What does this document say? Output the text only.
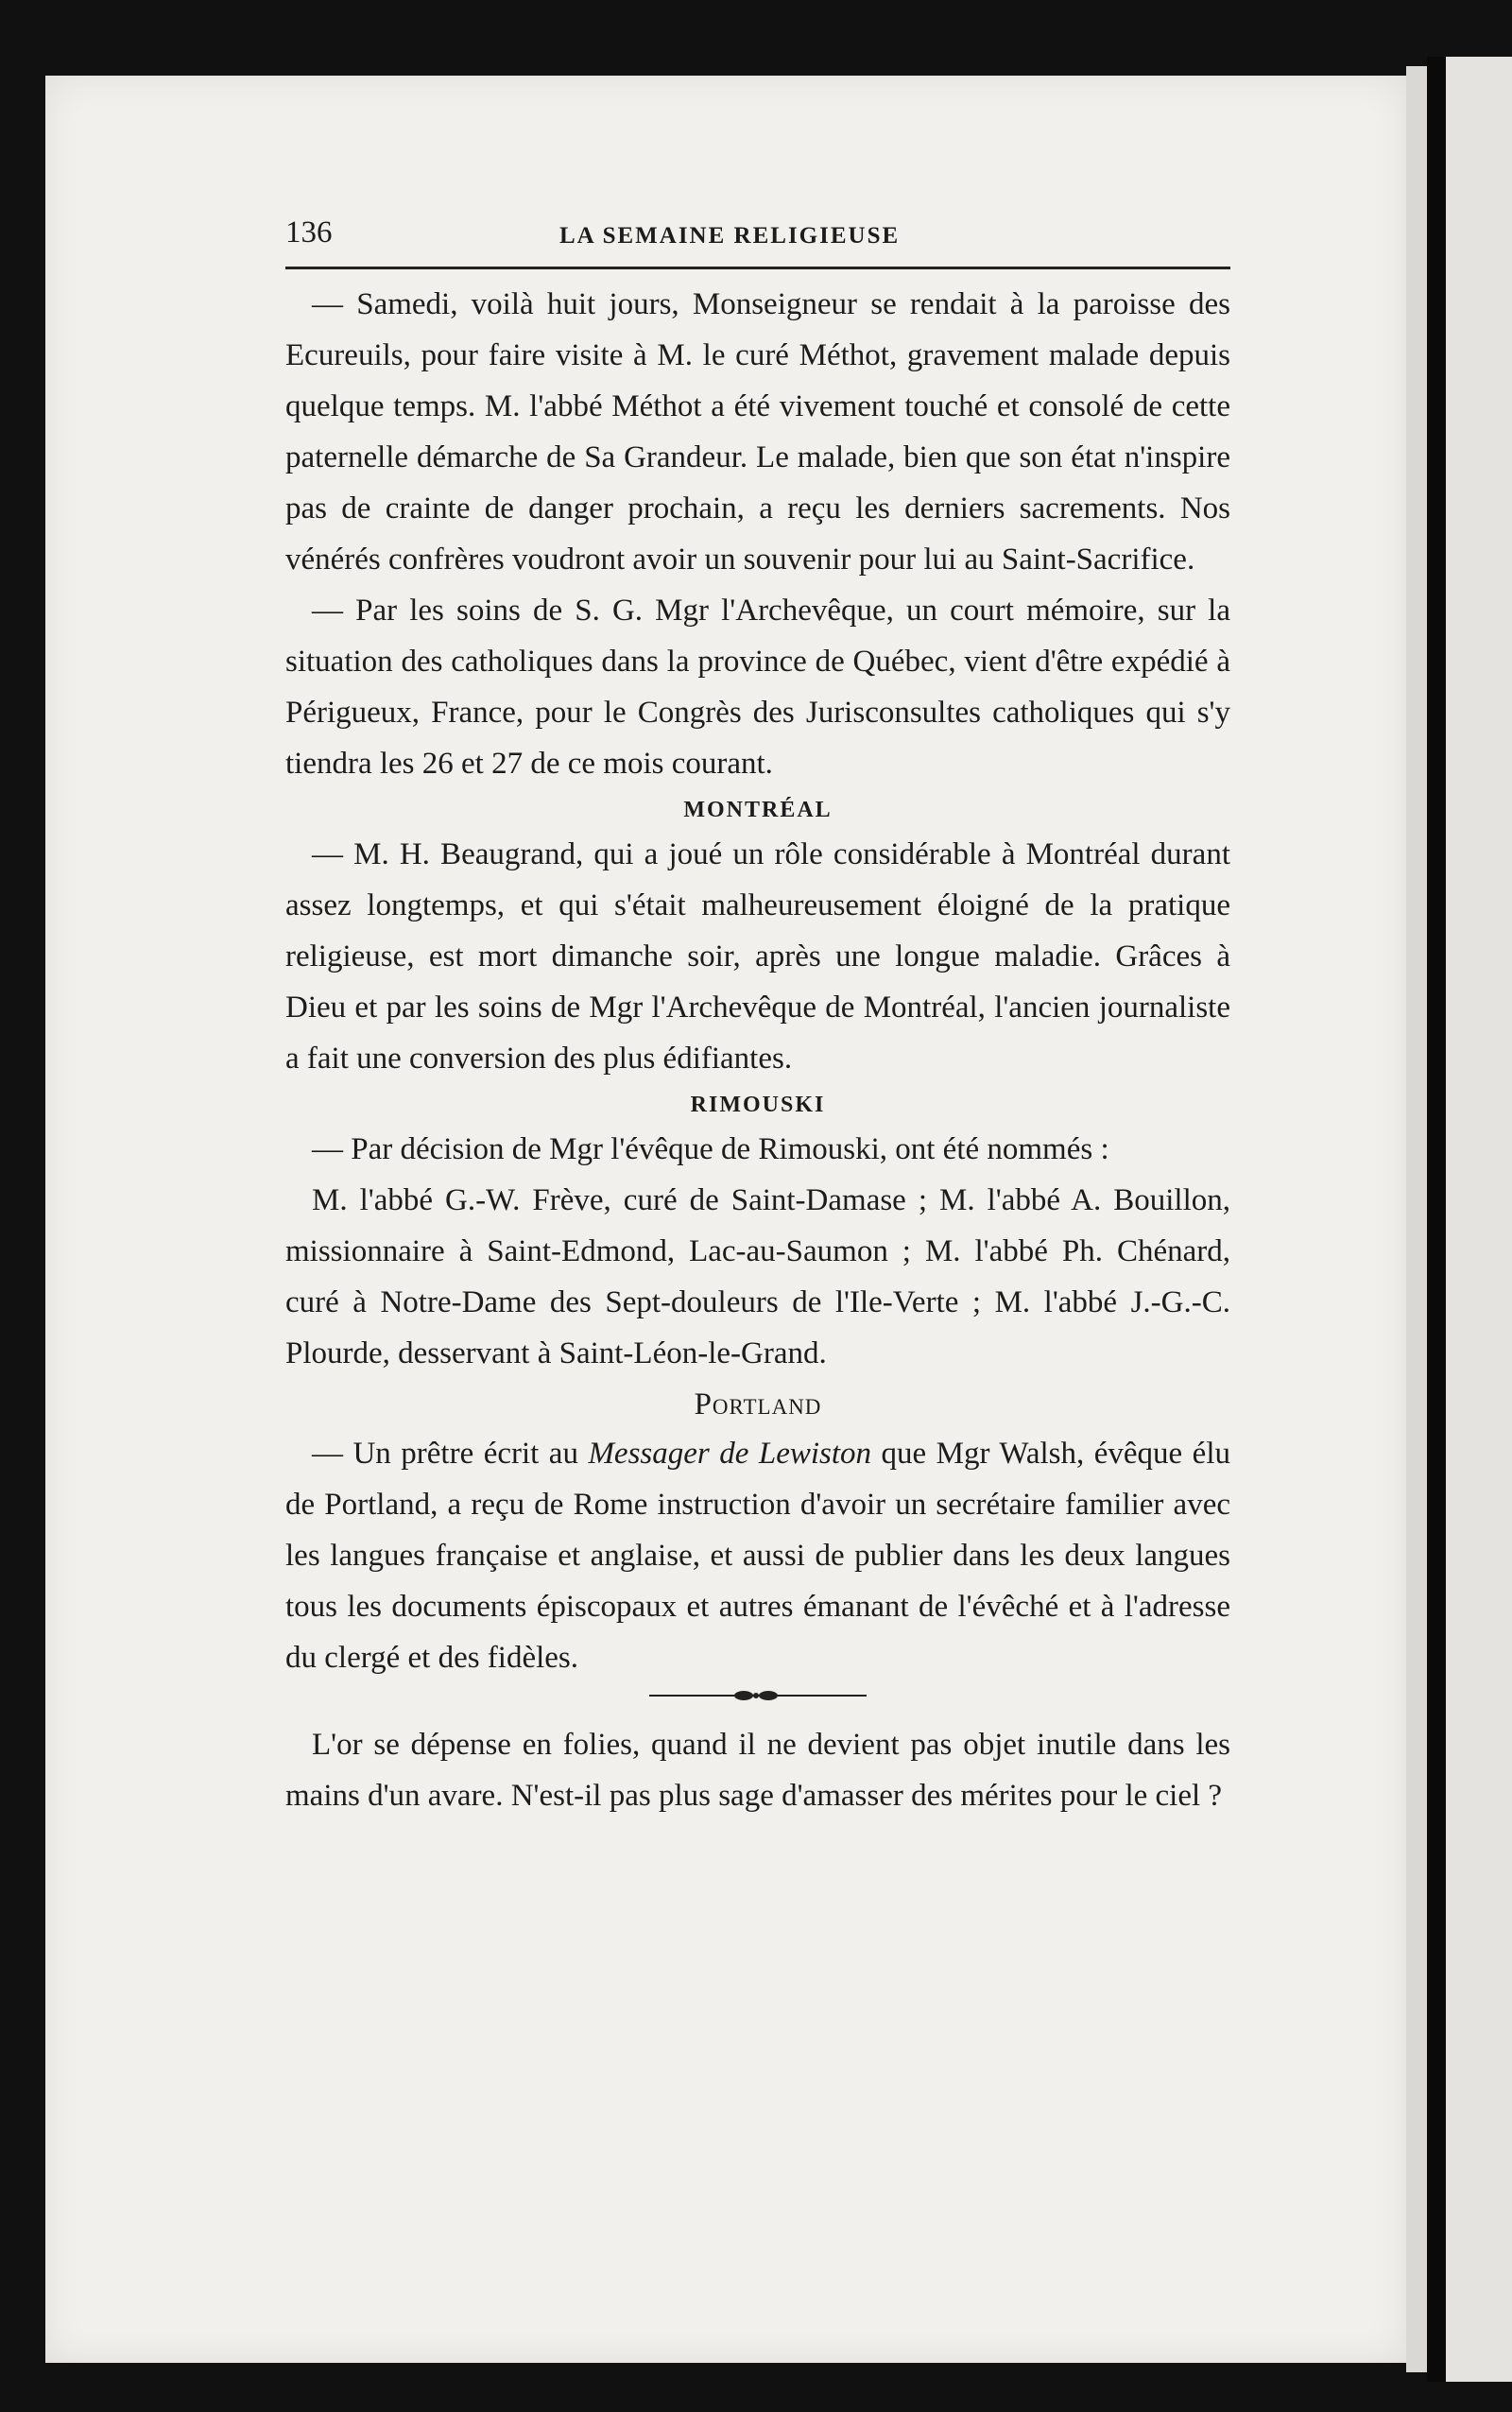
136	LA SEMAINE RELIGIEUSE

— Samedi, voilà huit jours, Monseigneur se rendait à la paroisse des Ecureuils, pour faire visite à M. le curé Méthot, gravement malade depuis quelque temps. M. l'abbé Méthot a été vivement touché et consolé de cette paternelle démarche de Sa Grandeur. Le malade, bien que son état n'inspire pas de crainte de danger prochain, a reçu les derniers sacrements. Nos vénérés confrères voudront avoir un souvenir pour lui au Saint-Sacrifice.

— Par les soins de S. G. Mgr l'Archevêque, un court mémoire, sur la situation des catholiques dans la province de Québec, vient d'être expédié à Périgueux, France, pour le Congrès des Jurisconsultes catholiques qui s'y tiendra les 26 et 27 de ce mois courant.

MONTRÉAL

— M. H. Beaugrand, qui a joué un rôle considérable à Montréal durant assez longtemps, et qui s'était malheureusement éloigné de la pratique religieuse, est mort dimanche soir, après une longue maladie. Grâces à Dieu et par les soins de Mgr l'Archevêque de Montréal, l'ancien journaliste a fait une conversion des plus édifiantes.

RIMOUSKI

— Par décision de Mgr l'évêque de Rimouski, ont été nommés :

M. l'abbé G.-W. Frève, curé de Saint-Damase ; M. l'abbé A. Bouillon, missionnaire à Saint-Edmond, Lac-au-Saumon ; M. l'abbé Ph. Chénard, curé à Notre-Dame des Sept-douleurs de l'Ile-Verte ; M. l'abbé J.-G.-C. Plourde, desservant à Saint-Léon-le-Grand.

Portland

— Un prêtre écrit au Messager de Lewiston que Mgr Walsh, évêque élu de Portland, a reçu de Rome instruction d'avoir un secrétaire familier avec les langues française et anglaise, et aussi de publier dans les deux langues tous les documents épiscopaux et autres émanant de l'évêché et à l'adresse du clergé et des fidèles.

L'or se dépense en folies, quand il ne devient pas objet inutile dans les mains d'un avare. N'est-il pas plus sage d'amasser des mérites pour le ciel ?
